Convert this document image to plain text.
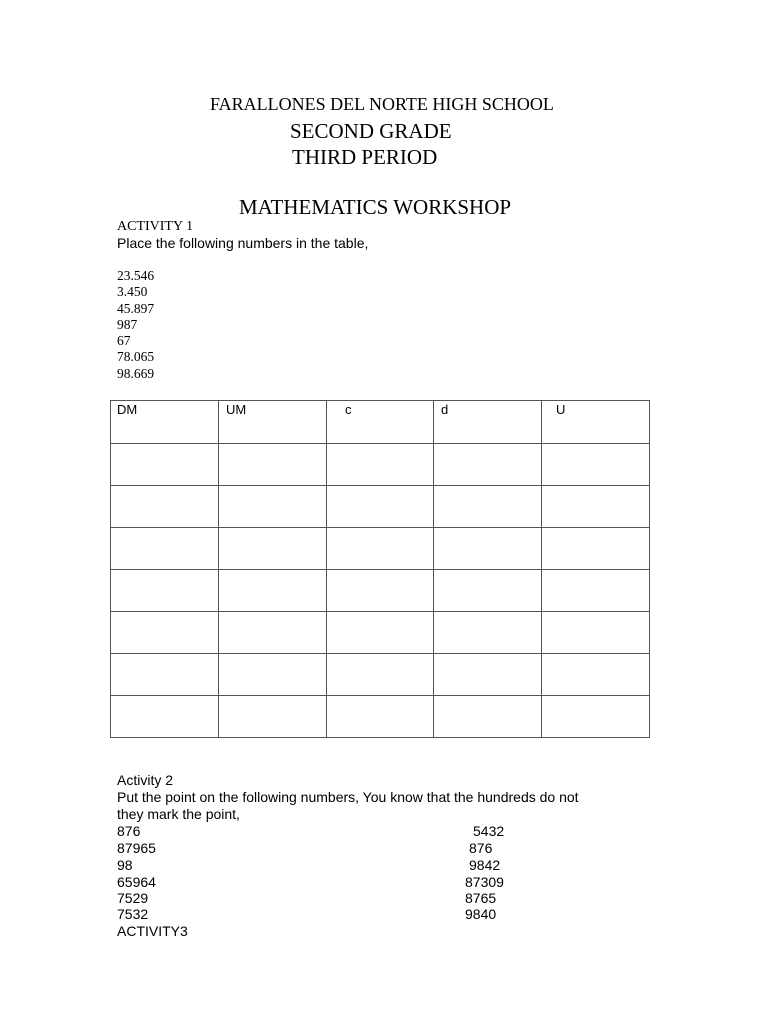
FARALLONES DEL NORTE HIGH SCHOOL
SECOND GRADE
THIRD PERIOD
MATHEMATICS WORKSHOP
ACTIVITY 1
Place the following numbers in the table,
23.546
3.450
45.897
987
67
78.065
98.669
DM	UM	c	d	U

Activity 2
Put the point on the following numbers, You know that the hundreds do not
they mark the point,
876	5432
87965	876
98	9842
65964	87309
7529	8765
7532	9840
ACTIVITY3
